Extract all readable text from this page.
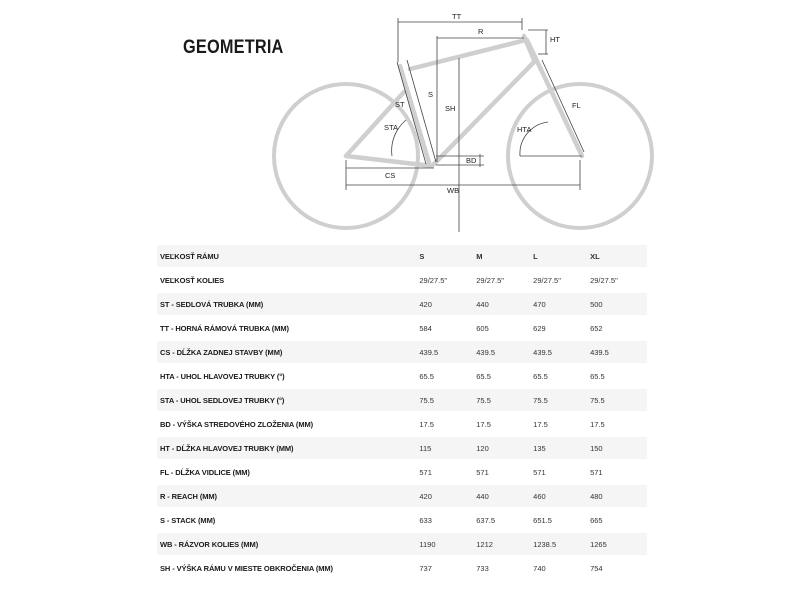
GEOMETRIA
TT
R
HT
ST
S
SH
STA
FL
HTA
BD
CS
WB
VEĽKOSŤ RÁMU	S	M	L	XL
VEĽKOSŤ KOLIES	29/27.5"	29/27.5"	29/27.5"	29/27.5"
ST - SEDLOVÁ TRUBKA (MM)	420	440	470	500
TT - HORNÁ RÁMOVÁ TRUBKA (MM)	584	605	629	652
CS - DĹŽKA ZADNEJ STAVBY (MM)	439.5	439.5	439.5	439.5
HTA - UHOL HLAVOVEJ TRUBKY (°)	65.5	65.5	65.5	65.5
STA - UHOL SEDLOVEJ TRUBKY (°)	75.5	75.5	75.5	75.5
BD - VÝŠKA STREDOVÉHO ZLOŽENIA (MM)	17.5	17.5	17.5	17.5
HT - DĹŽKA HLAVOVEJ TRUBKY (MM)	115	120	135	150
FL - DĹŽKA VIDLICE (MM)	571	571	571	571
R - REACH (MM)	420	440	460	480
S - STACK (MM)	633	637.5	651.5	665
WB - RÁZVOR KOLIES (MM)	1190	1212	1238.5	1265
SH - VÝŠKA RÁMU V MIESTE OBKROČENIA (MM)	737	733	740	754
